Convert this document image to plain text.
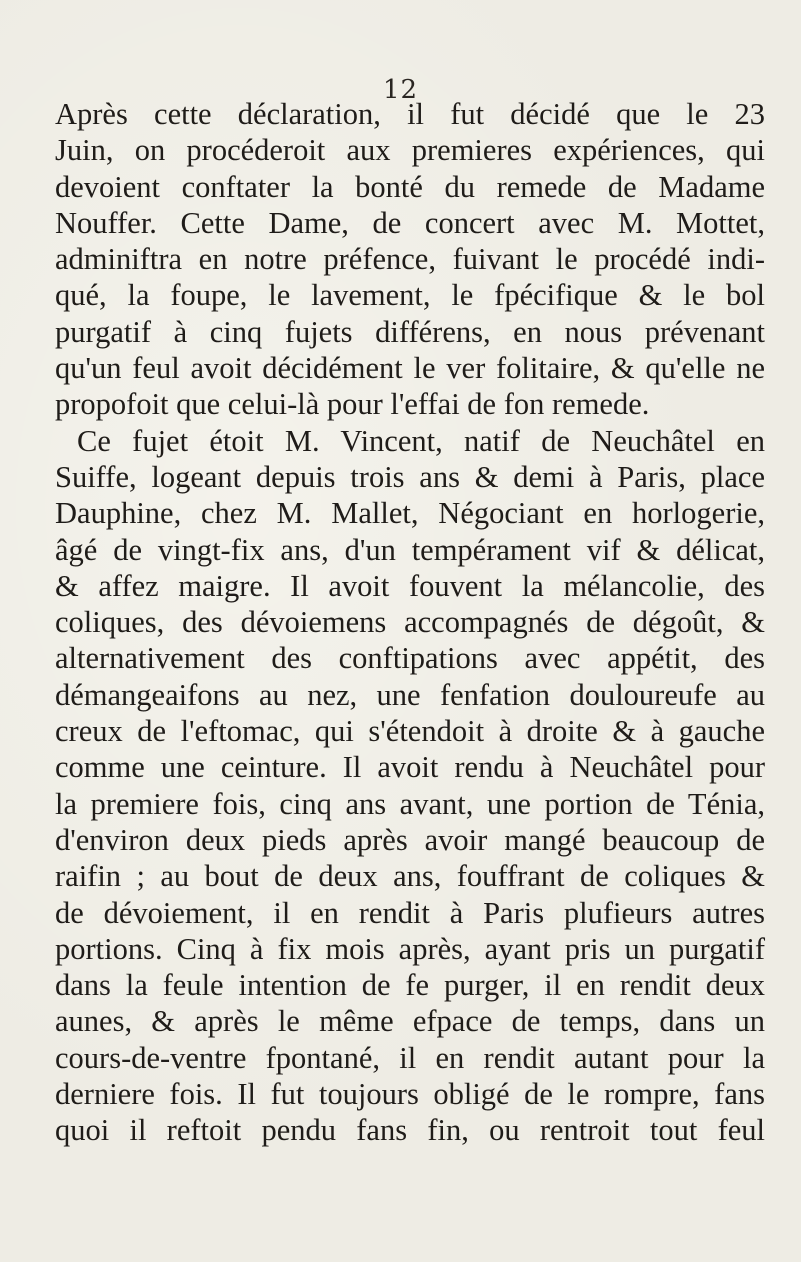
12
Après cette déclaration, il fut décidé que le 23
Juin, on procéderoit aux premieres expériences, qui
devoient conftater la bonté du remede de Madame
Nouffer. Cette Dame, de concert avec M. Mottet,
adminiftra en notre préfence, fuivant le procédé indi-
qué, la foupe, le lavement, le fpécifique & le bol
purgatif à cinq fujets différens, en nous prévenant
qu'un feul avoit décidément le ver folitaire, & qu'elle ne
propofoit que celui-là pour l'effai de fon remede.
Ce fujet étoit M. Vincent, natif de Neuchâtel en
Suiffe, logeant depuis trois ans & demi à Paris, place
Dauphine, chez M. Mallet, Négociant en horlogerie,
âgé de vingt-fix ans, d'un tempérament vif & délicat,
& affez maigre. Il avoit fouvent la mélancolie, des
coliques, des dévoiemens accompagnés de dégoût, &
alternativement des conftipations avec appétit, des
démangeaifons au nez, une fenfation douloureufe au
creux de l'eftomac, qui s'étendoit à droite & à gauche
comme une ceinture. Il avoit rendu à Neuchâtel pour
la premiere fois, cinq ans avant, une portion de Ténia,
d'environ deux pieds après avoir mangé beaucoup de
raifin ; au bout de deux ans, fouffrant de coliques &
de dévoiement, il en rendit à Paris plufieurs autres
portions. Cinq à fix mois après, ayant pris un purgatif
dans la feule intention de fe purger, il en rendit deux
aunes, & après le même efpace de temps, dans un
cours-de-ventre fpontané, il en rendit autant pour la
derniere fois. Il fut toujours obligé de le rompre, fans
quoi il reftoit pendu fans fin, ou rentroit tout feul
